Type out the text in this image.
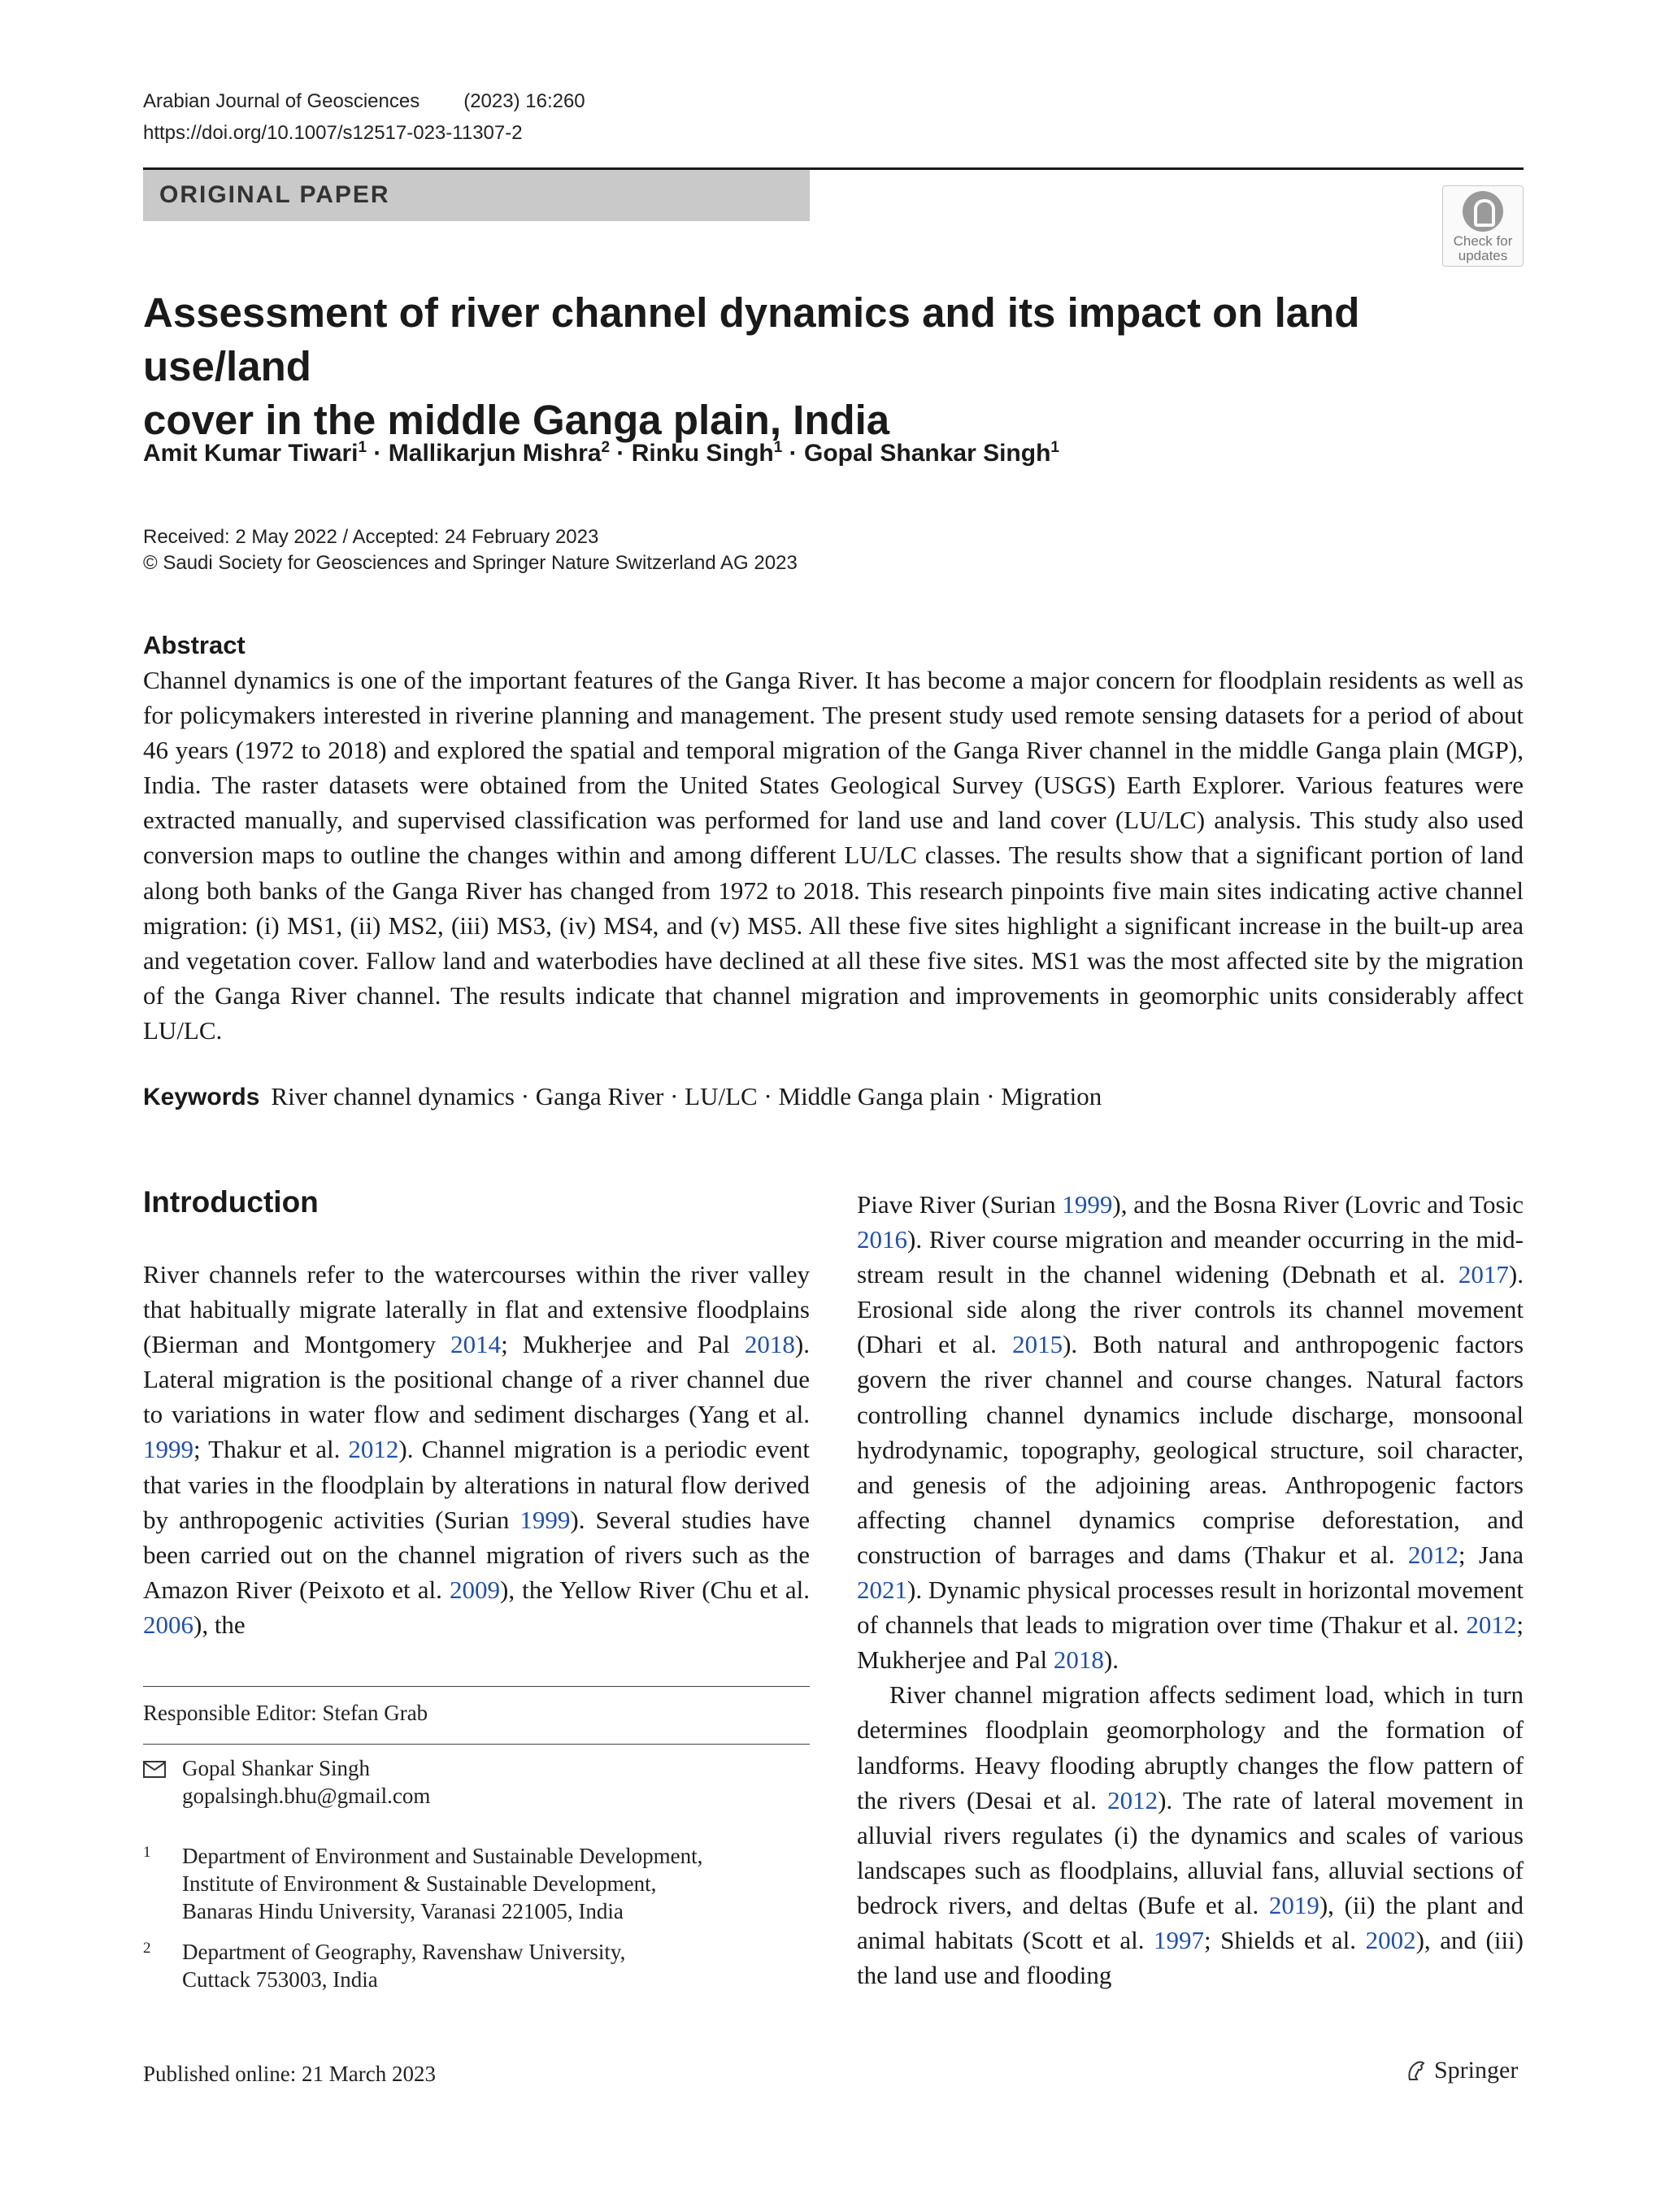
Arabian Journal of Geosciences (2023) 16:260
https://doi.org/10.1007/s12517-023-11307-2
ORIGINAL PAPER
Check for
updates
Assessment of river channel dynamics and its impact on land use/land
cover in the middle Ganga plain, India
Amit Kumar Tiwari$^1$ · Mallikarjun Mishra$^2$ · Rinku Singh$^1$ · Gopal Shankar Singh$^1$
Received: 2 May 2022 / Accepted: 24 February 2023
© Saudi Society for Geosciences and Springer Nature Switzerland AG 2023
Abstract
Channel dynamics is one of the important features of the Ganga River. It has become a major concern for floodplain residents as well as for policymakers interested in riverine planning and management. The present study used remote sensing datasets for a period of about 46 years (1972 to 2018) and explored the spatial and temporal migration of the Ganga River channel in the middle Ganga plain (MGP), India. The raster datasets were obtained from the United States Geological Survey (USGS) Earth Explorer. Various features were extracted manually, and supervised classification was performed for land use and land cover (LU/LC) analysis. This study also used conversion maps to outline the changes within and among different LU/LC classes. The results show that a significant portion of land along both banks of the Ganga River has changed from 1972 to 2018. This research pinpoints five main sites indicating active channel migration: (i) MS1, (ii) MS2, (iii) MS3, (iv) MS4, and (v) MS5. All these five sites highlight a significant increase in the built-up area and vegetation cover. Fallow land and waterbodies have declined at all these five sites. MS1 was the most affected site by the migration of the Ganga River channel. The results indicate that channel migration and improvements in geomorphic units considerably affect LU/LC.
Keywords River channel dynamics · Ganga River · LU/LC · Middle Ganga plain · Migration
Introduction

River channels refer to the watercourses within the river valley that habitually migrate laterally in flat and extensive floodplains (Bierman and Montgomery 2014; Mukherjee and Pal 2018). Lateral migration is the positional change of a river channel due to variations in water flow and sediment discharges (Yang et al. 1999; Thakur et al. 2012). Channel migration is a periodic event that varies in the floodplain by alterations in natural flow derived by anthropogenic activities (Surian 1999). Several studies have been carried out on the channel migration of rivers such as the Amazon River (Peixoto et al. 2009), the Yellow River (Chu et al. 2006), the

Piave River (Surian 1999), and the Bosna River (Lovric and Tosic 2016). River course migration and meander occurring in the mid-stream result in the channel widening (Debnath et al. 2017). Erosional side along the river controls its channel movement (Dhari et al. 2015). Both natural and anthropogenic factors govern the river channel and course changes. Natural factors controlling channel dynamics include discharge, monsoonal hydrodynamic, topography, geological structure, soil character, and genesis of the adjoining areas. Anthropogenic factors affecting channel dynamics comprise deforestation, and construction of barrages and dams (Thakur et al. 2012; Jana 2021). Dynamic physical processes result in horizontal movement of channels that leads to migration over time (Thakur et al. 2012; Mukherjee and Pal 2018).

River channel migration affects sediment load, which in turn determines floodplain geomorphology and the formation of landforms. Heavy flooding abruptly changes the flow pattern of the rivers (Desai et al. 2012). The rate of lateral movement in alluvial rivers regulates (i) the dynamics and scales of various landscapes such as floodplains, alluvial fans, alluvial sections of bedrock rivers, and deltas (Bufe et al. 2019), (ii) the plant and animal habitats (Scott et al. 1997; Shields et al. 2002), and (iii) the land use and flooding

Responsible Editor: Stefan Grab
Gopal Shankar Singh
gopalsingh.bhu@gmail.com
1 Department of Environment and Sustainable Development,
Institute of Environment & Sustainable Development,
Banaras Hindu University, Varanasi 221005, India
2 Department of Geography, Ravenshaw University,
Cuttack 753003, India
Published online: 21 March 2023	Springer
